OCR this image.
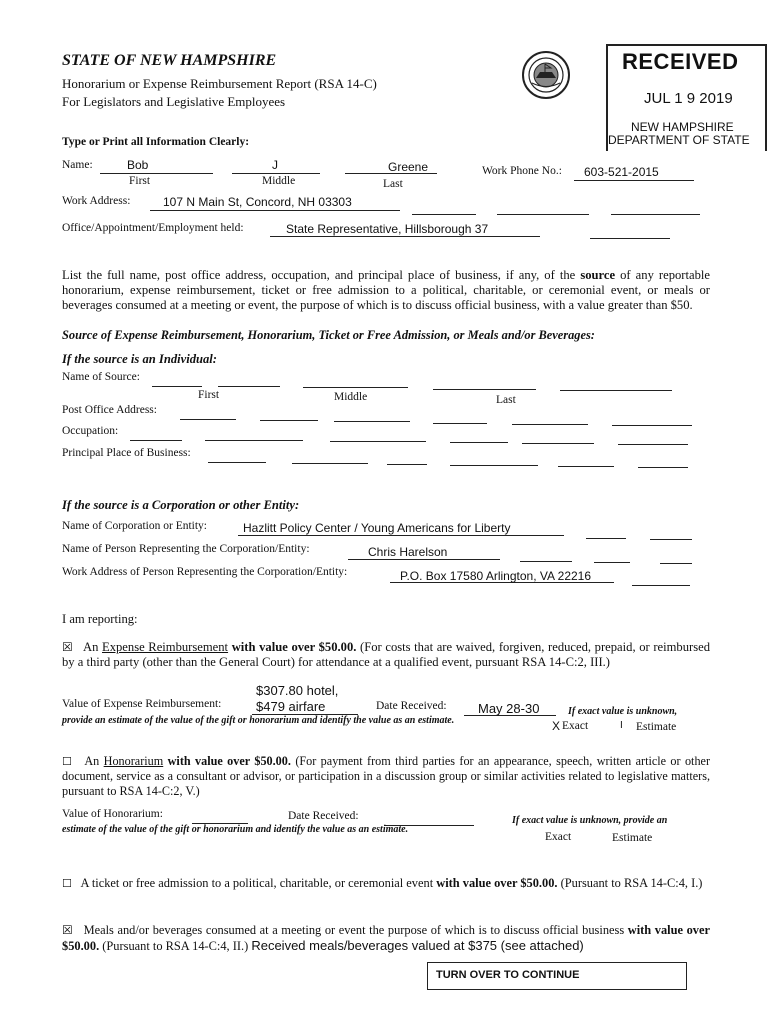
STATE OF NEW HAMPSHIRE
Honorarium or Expense Reimbursement Report (RSA 14-C)
For Legislators and Legislative Employees
RECEIVED
JUL 1 9 2019
NEW HAMPSHIRE
DEPARTMENT OF STATE
Type or Print all Information Clearly:
Name:	Bob	J	Greene
First	Middle	Last
Work Phone No.: 603-521-2015
Work Address:	107 N Main St, Concord, NH 03303
Office/Appointment/Employment held:	State Representative, Hillsborough 37
List the full name, post office address, occupation, and principal place of business, if any, of the source of any reportable honorarium, expense reimbursement, ticket or free admission to a political, charitable, or ceremonial event, or meals or beverages consumed at a meeting or event, the purpose of which is to discuss official business, with a value greater than $50.
Source of Expense Reimbursement, Honorarium, Ticket or Free Admission, or Meals and/or Beverages:
If the source is an Individual:
Name of Source:
First	Middle	Last
Post Office Address:
Occupation:
Principal Place of Business:
If the source is a Corporation or other Entity:
Name of Corporation or Entity:	Hazlitt Policy Center / Young Americans for Liberty
Name of Person Representing the Corporation/Entity:	Chris Harelson
Work Address of Person Representing the Corporation/Entity:	P.O. Box 17580 Arlington, VA 22216
I am reporting:
☒ An Expense Reimbursement with value over $50.00. (For costs that are waived, forgiven, reduced, prepaid, or reimbursed by a third party (other than the General Court) for attendance at a qualified event, pursuant RSA 14-C:2, III.)
$307.80 hotel,
Value of Expense Reimbursement:	$479 airfare	Date Received: May 28-30	If exact value is unknown,
provide an estimate of the value of the gift or honorarium and identify the value as an estimate.	X Exact	I Estimate
☐ An Honorarium with value over $50.00. (For payment from third parties for an appearance, speech, written article or other document, service as a consultant or advisor, or participation in a discussion group or similar activities related to legislative matters, pursuant to RSA 14-C:2, V.)
Value of Honorarium:	Date Received:	If exact value is unknown, provide an
estimate of the value of the gift or honorarium and identify the value as an estimate.
Exact	Estimate
☐ A ticket or free admission to a political, charitable, or ceremonial event with value over $50.00. (Pursuant to RSA 14-C:4, I.)
☒ Meals and/or beverages consumed at a meeting or event the purpose of which is to discuss official business with value over $50.00. (Pursuant to RSA 14-C:4, II.) Received meals/beverages valued at $375 (see attached)
TURN OVER TO CONTINUE
